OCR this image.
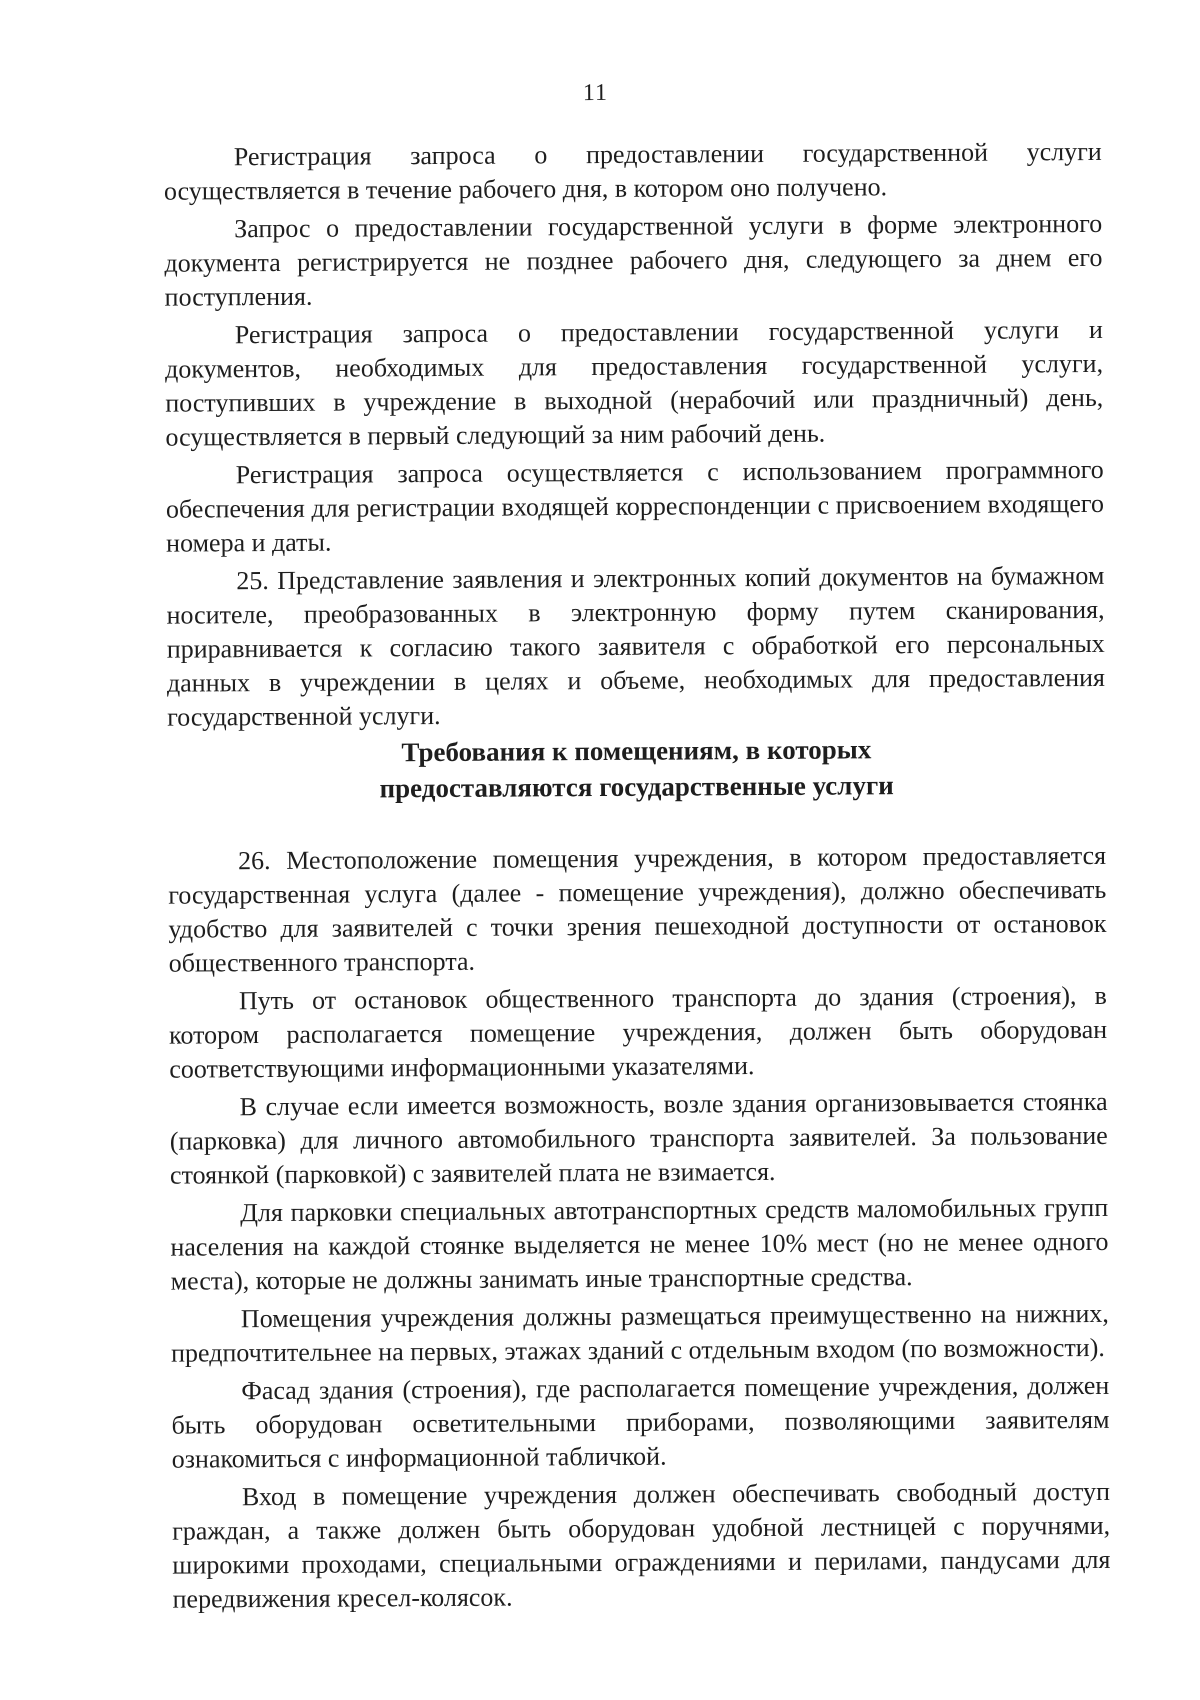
11

Регистрация запроса о предоставлении государственной услуги осуществляется в течение рабочего дня, в котором оно получено.

Запрос о предоставлении государственной услуги в форме электронного документа регистрируется не позднее рабочего дня, следующего за днем его поступления.

Регистрация запроса о предоставлении государственной услуги и документов, необходимых для предоставления государственной услуги, поступивших в учреждение в выходной (нерабочий или праздничный) день, осуществляется в первый следующий за ним рабочий день.

Регистрация запроса осуществляется с использованием программного обеспечения для регистрации входящей корреспонденции с присвоением входящего номера и даты.

25. Представление заявления и электронных копий документов на бумажном носителе, преобразованных в электронную форму путем сканирования, приравнивается к согласию такого заявителя с обработкой его персональных данных в учреждении в целях и объеме, необходимых для предоставления государственной услуги.

Требования к помещениям, в которых
предоставляются государственные услуги

26. Местоположение помещения учреждения, в котором предоставляется государственная услуга (далее - помещение учреждения), должно обеспечивать удобство для заявителей с точки зрения пешеходной доступности от остановок общественного транспорта.

Путь от остановок общественного транспорта до здания (строения), в котором располагается помещение учреждения, должен быть оборудован соответствующими информационными указателями.

В случае если имеется возможность, возле здания организовывается стоянка (парковка) для личного автомобильного транспорта заявителей. За пользование стоянкой (парковкой) с заявителей плата не взимается.

Для парковки специальных автотранспортных средств маломобильных групп населения на каждой стоянке выделяется не менее 10% мест (но не менее одного места), которые не должны занимать иные транспортные средства.

Помещения учреждения должны размещаться преимущественно на нижних, предпочтительнее на первых, этажах зданий с отдельным входом (по возможности).

Фасад здания (строения), где располагается помещение учреждения, должен быть оборудован осветительными приборами, позволяющими заявителям ознакомиться с информационной табличкой.

Вход в помещение учреждения должен обеспечивать свободный доступ граждан, а также должен быть оборудован удобной лестницей с поручнями, широкими проходами, специальными ограждениями и перилами, пандусами для передвижения кресел-колясок.
